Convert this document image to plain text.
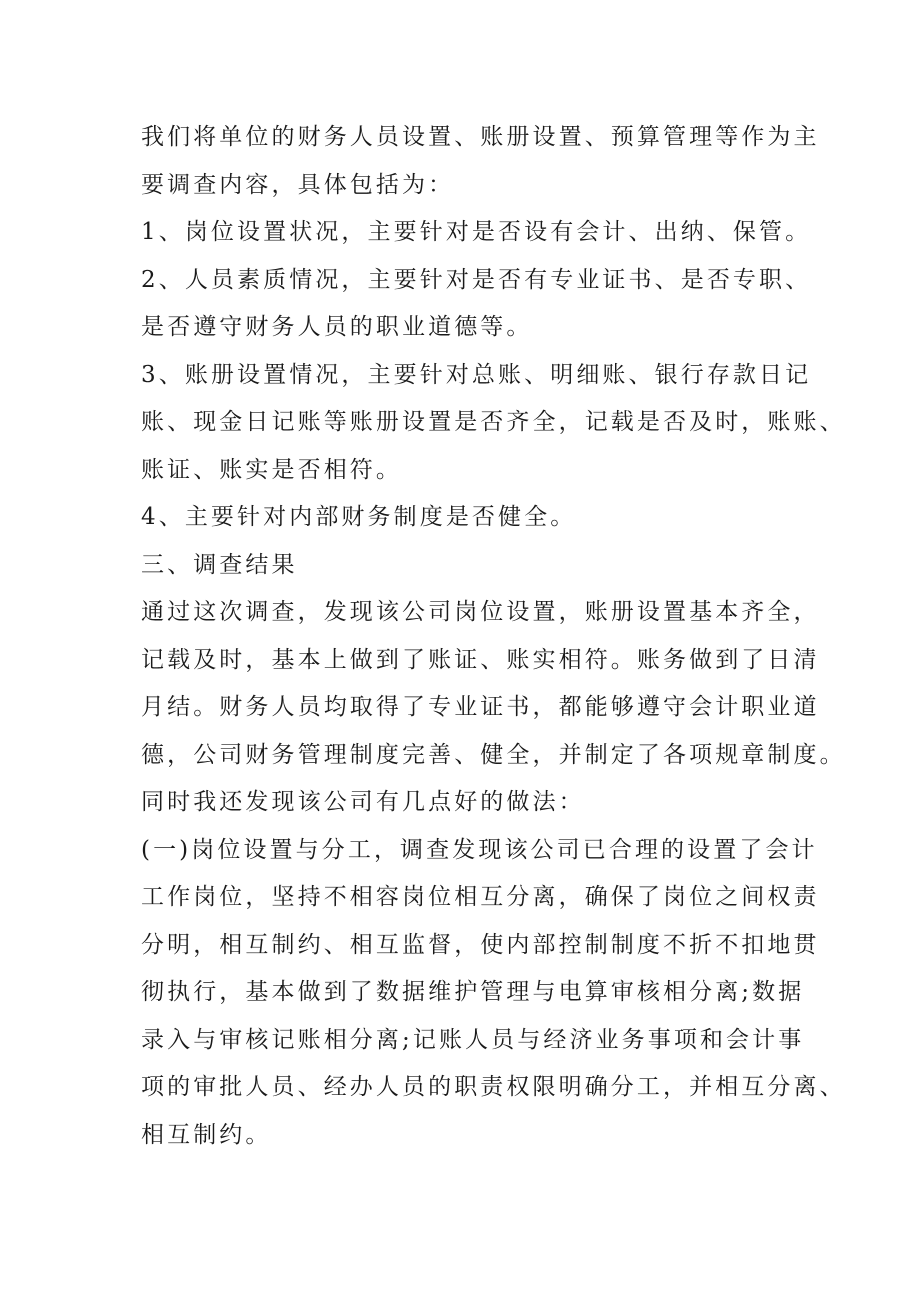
我们将单位的财务人员设置、账册设置、预算管理等作为主
要调查内容，具体包括为：
1、岗位设置状况，主要针对是否设有会计、出纳、保管。
2、人员素质情况，主要针对是否有专业证书、是否专职、
是否遵守财务人员的职业道德等。
3、账册设置情况，主要针对总账、明细账、银行存款日记
账、现金日记账等账册设置是否齐全，记载是否及时，账账、
账证、账实是否相符。
4、主要针对内部财务制度是否健全。
三、调查结果
通过这次调查，发现该公司岗位设置，账册设置基本齐全，
记载及时，基本上做到了账证、账实相符。账务做到了日清
月结。财务人员均取得了专业证书，都能够遵守会计职业道
德，公司财务管理制度完善、健全，并制定了各项规章制度。
同时我还发现该公司有几点好的做法：
(一)岗位设置与分工，调查发现该公司已合理的设置了会计
工作岗位，坚持不相容岗位相互分离，确保了岗位之间权责
分明，相互制约、相互监督，使内部控制制度不折不扣地贯
彻执行，基本做到了数据维护管理与电算审核相分离;数据
录入与审核记账相分离;记账人员与经济业务事项和会计事
项的审批人员、经办人员的职责权限明确分工，并相互分离、
相互制约。
